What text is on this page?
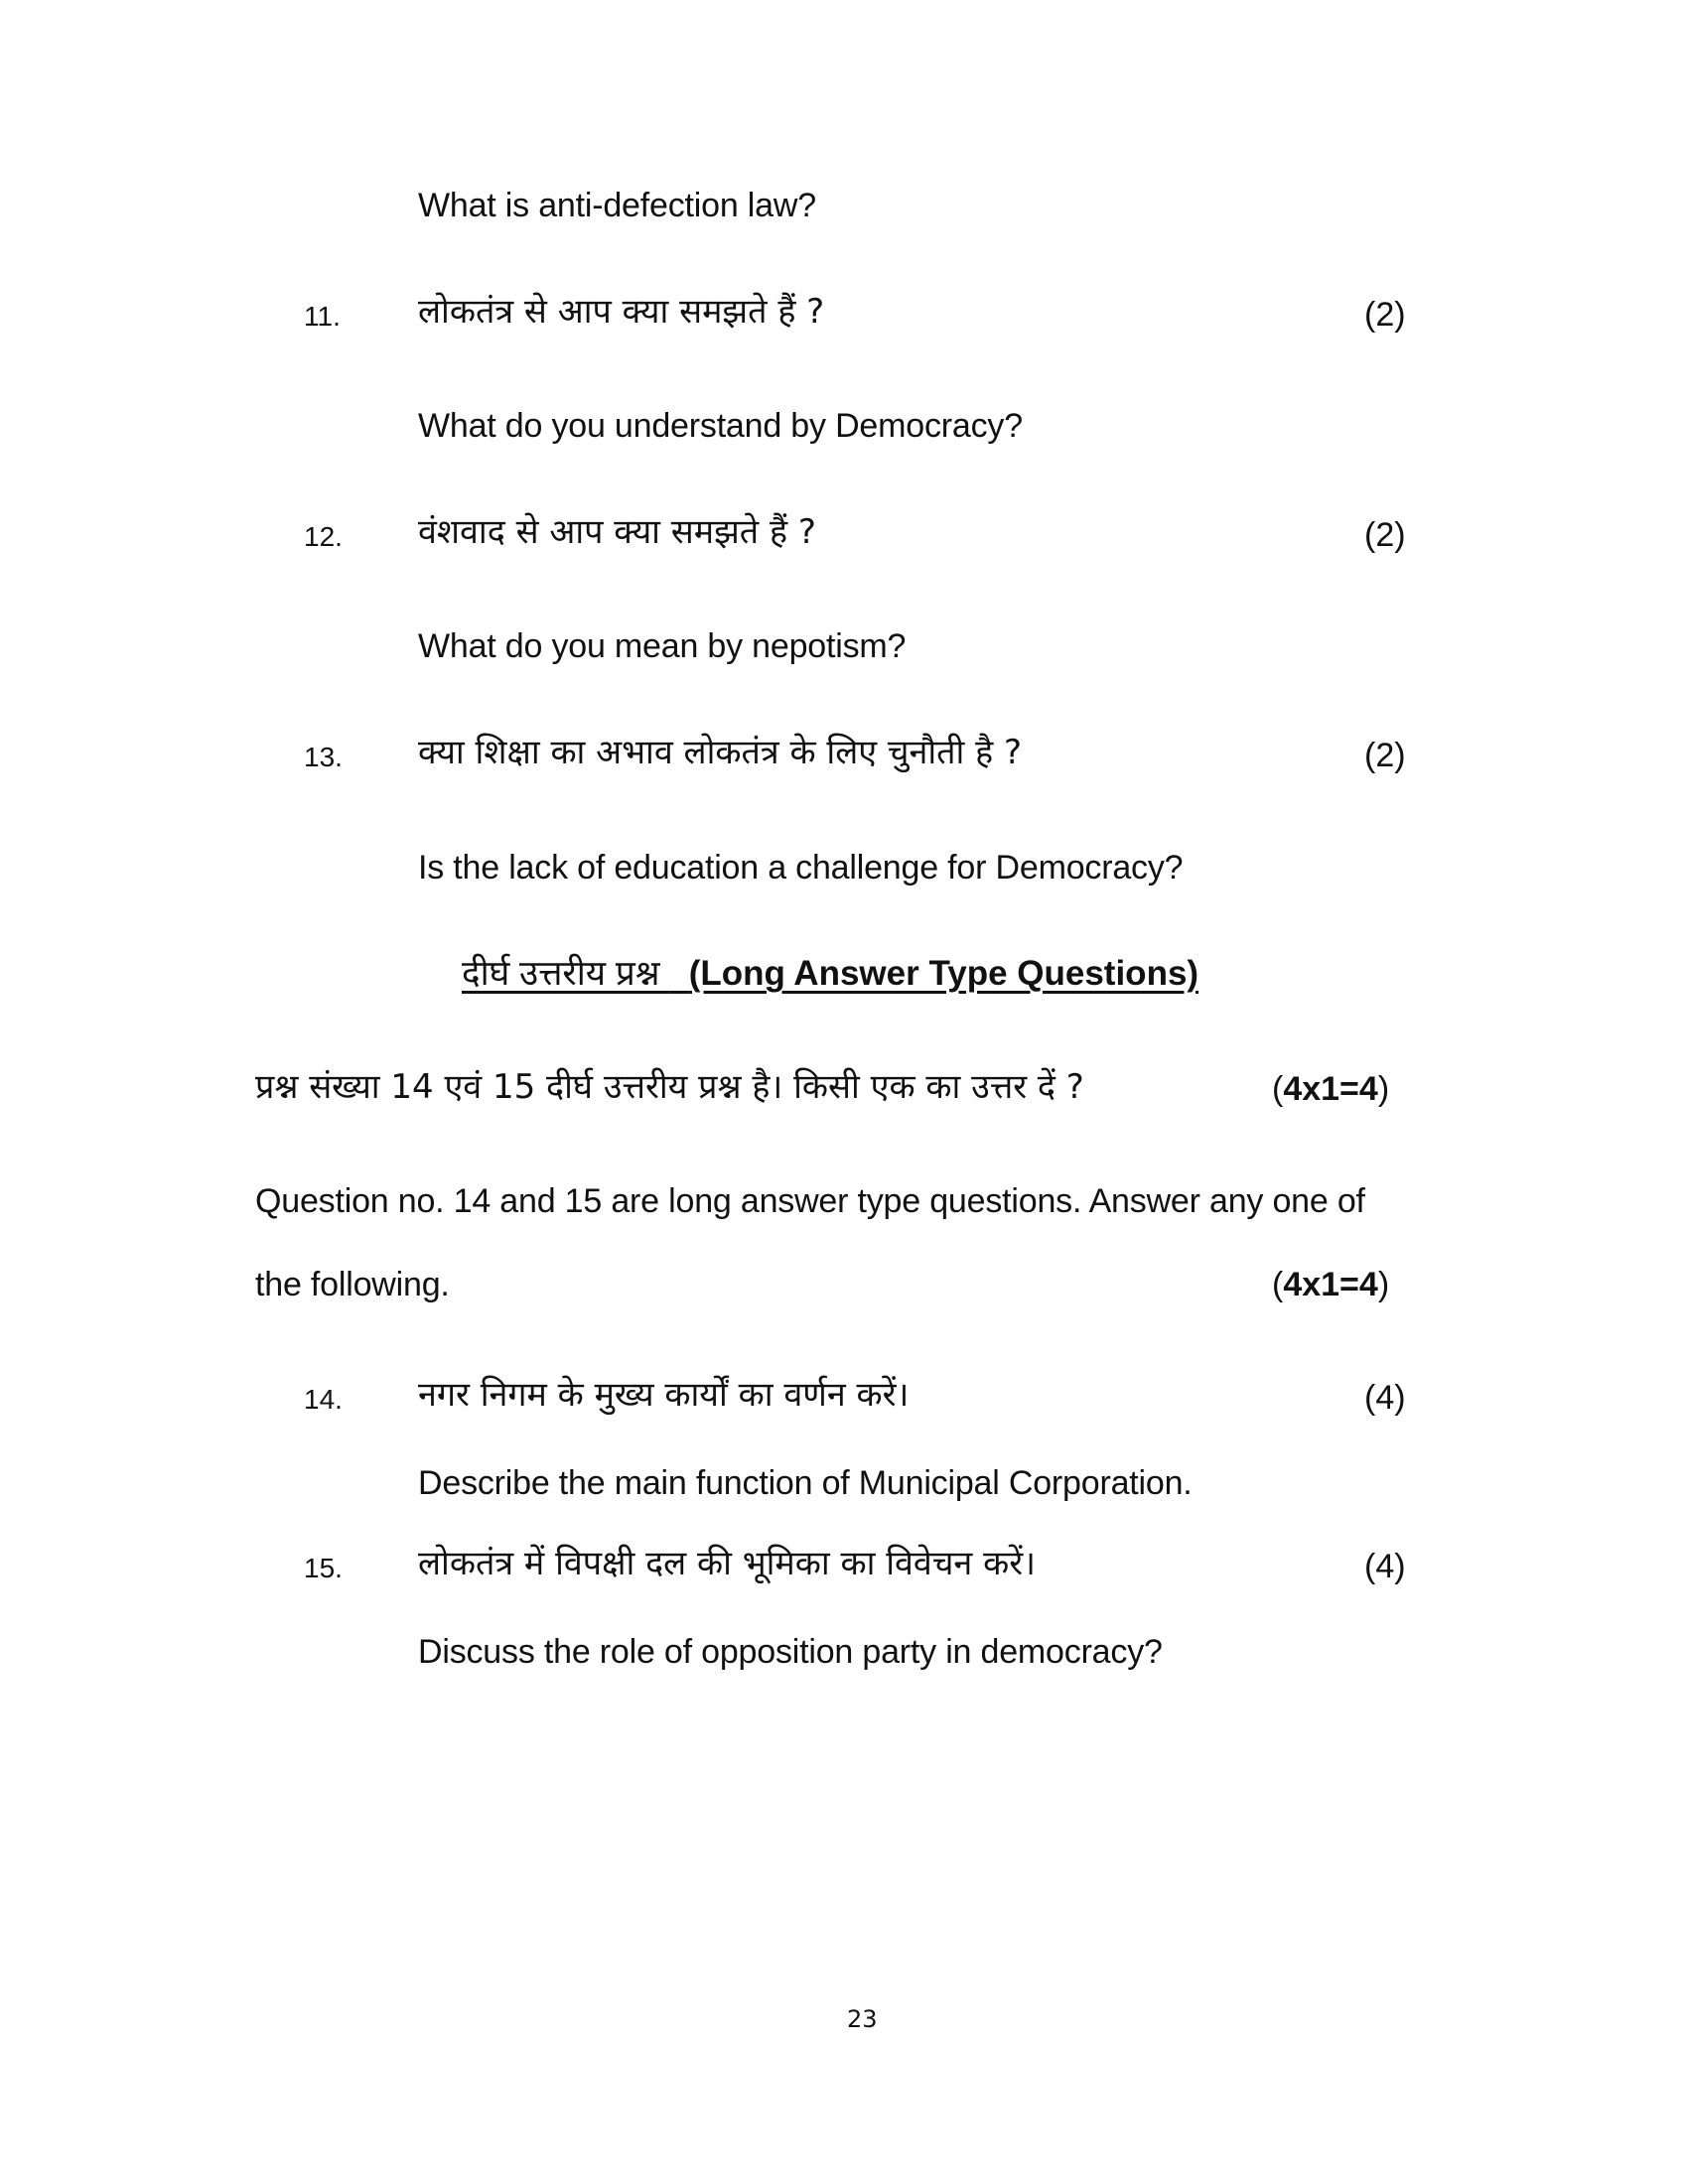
What is anti-defection law?
11. लोकतंत्र से आप क्या समझते हैं ?	(2)
What do you understand by Democracy?
12. वंशवाद से आप क्या समझते हैं ?	(2)
What do you mean by nepotism?
13. क्या शिक्षा का अभाव लोकतंत्र के लिए चुनौती है ?	(2)
Is the lack of education a challenge for Democracy?
दीर्घ उत्तरीय प्रश्न (Long Answer Type Questions)
प्रश्न संख्या 14 एवं 15 दीर्घ उत्तरीय प्रश्न है। किसी एक का उत्तर दें ?	(4x1=4)
Question no. 14 and 15 are long answer type questions. Answer any one of
the following.	(4x1=4)
14. नगर निगम के मुख्य कार्यों का वर्णन करें।	(4)
Describe the main function of Municipal Corporation.
15. लोकतंत्र में विपक्षी दल की भूमिका का विवेचन करें।	(4)
Discuss the role of opposition party in democracy?
23
